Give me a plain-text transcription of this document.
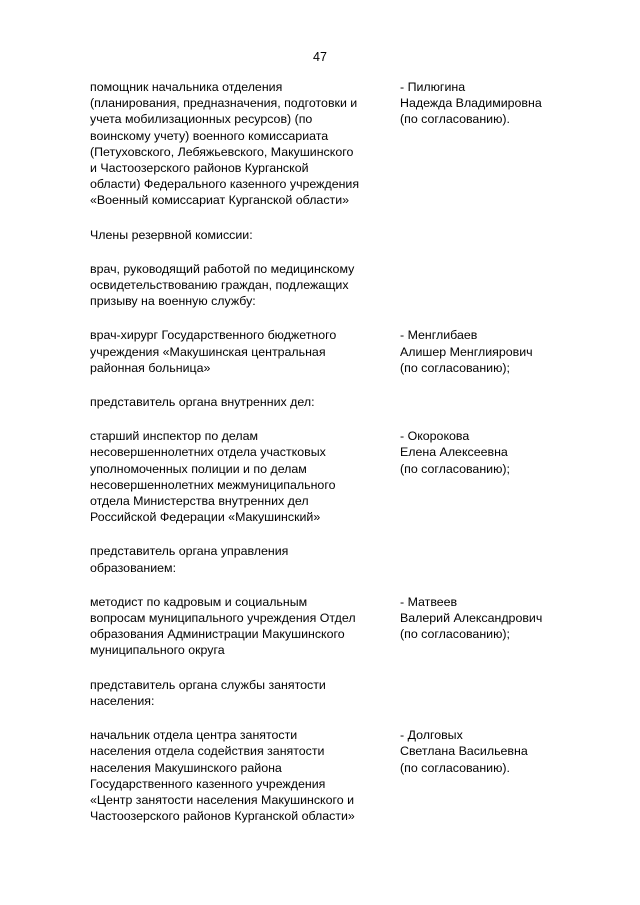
47
помощник начальника отделения
(планирования, предназначения, подготовки и
учета мобилизационных ресурсов) (по
воинскому учету) военного комиссариата
(Петуховского, Лебяжьевского, Макушинского
и Частоозерского районов Курганской
области) Федерального казенного учреждения
«Военный комиссариат Курганской области»
- Пилюгина
Надежда Владимировна
(по согласованию).
Члены резервной комиссии:
врач, руководящий работой по медицинскому
освидетельствованию граждан, подлежащих
призыву на военную службу:
врач-хирург Государственного бюджетного
учреждения «Макушинская центральная
районная больница»
- Менглибаев
Алишер Менглиярович
(по согласованию);
представитель органа внутренних дел:
старший инспектор по делам
несовершеннолетних отдела участковых
уполномоченных полиции и по делам
несовершеннолетних межмуниципального
отдела Министерства внутренних дел
Российской Федерации «Макушинский»
- Окорокова
Елена Алексеевна
(по согласованию);
представитель органа управления
образованием:
методист по кадровым и социальным
вопросам муниципального учреждения Отдел
образования Администрации Макушинского
муниципального округа
- Матвеев
Валерий Александрович
(по согласованию);
представитель органа службы занятости
населения:
начальник отдела центра занятости
населения отдела содействия занятости
населения Макушинского района
Государственного казенного учреждения
«Центр занятости населения Макушинского и
Частоозерского районов Курганской области»
- Долговых
Светлана Васильевна
(по согласованию).
